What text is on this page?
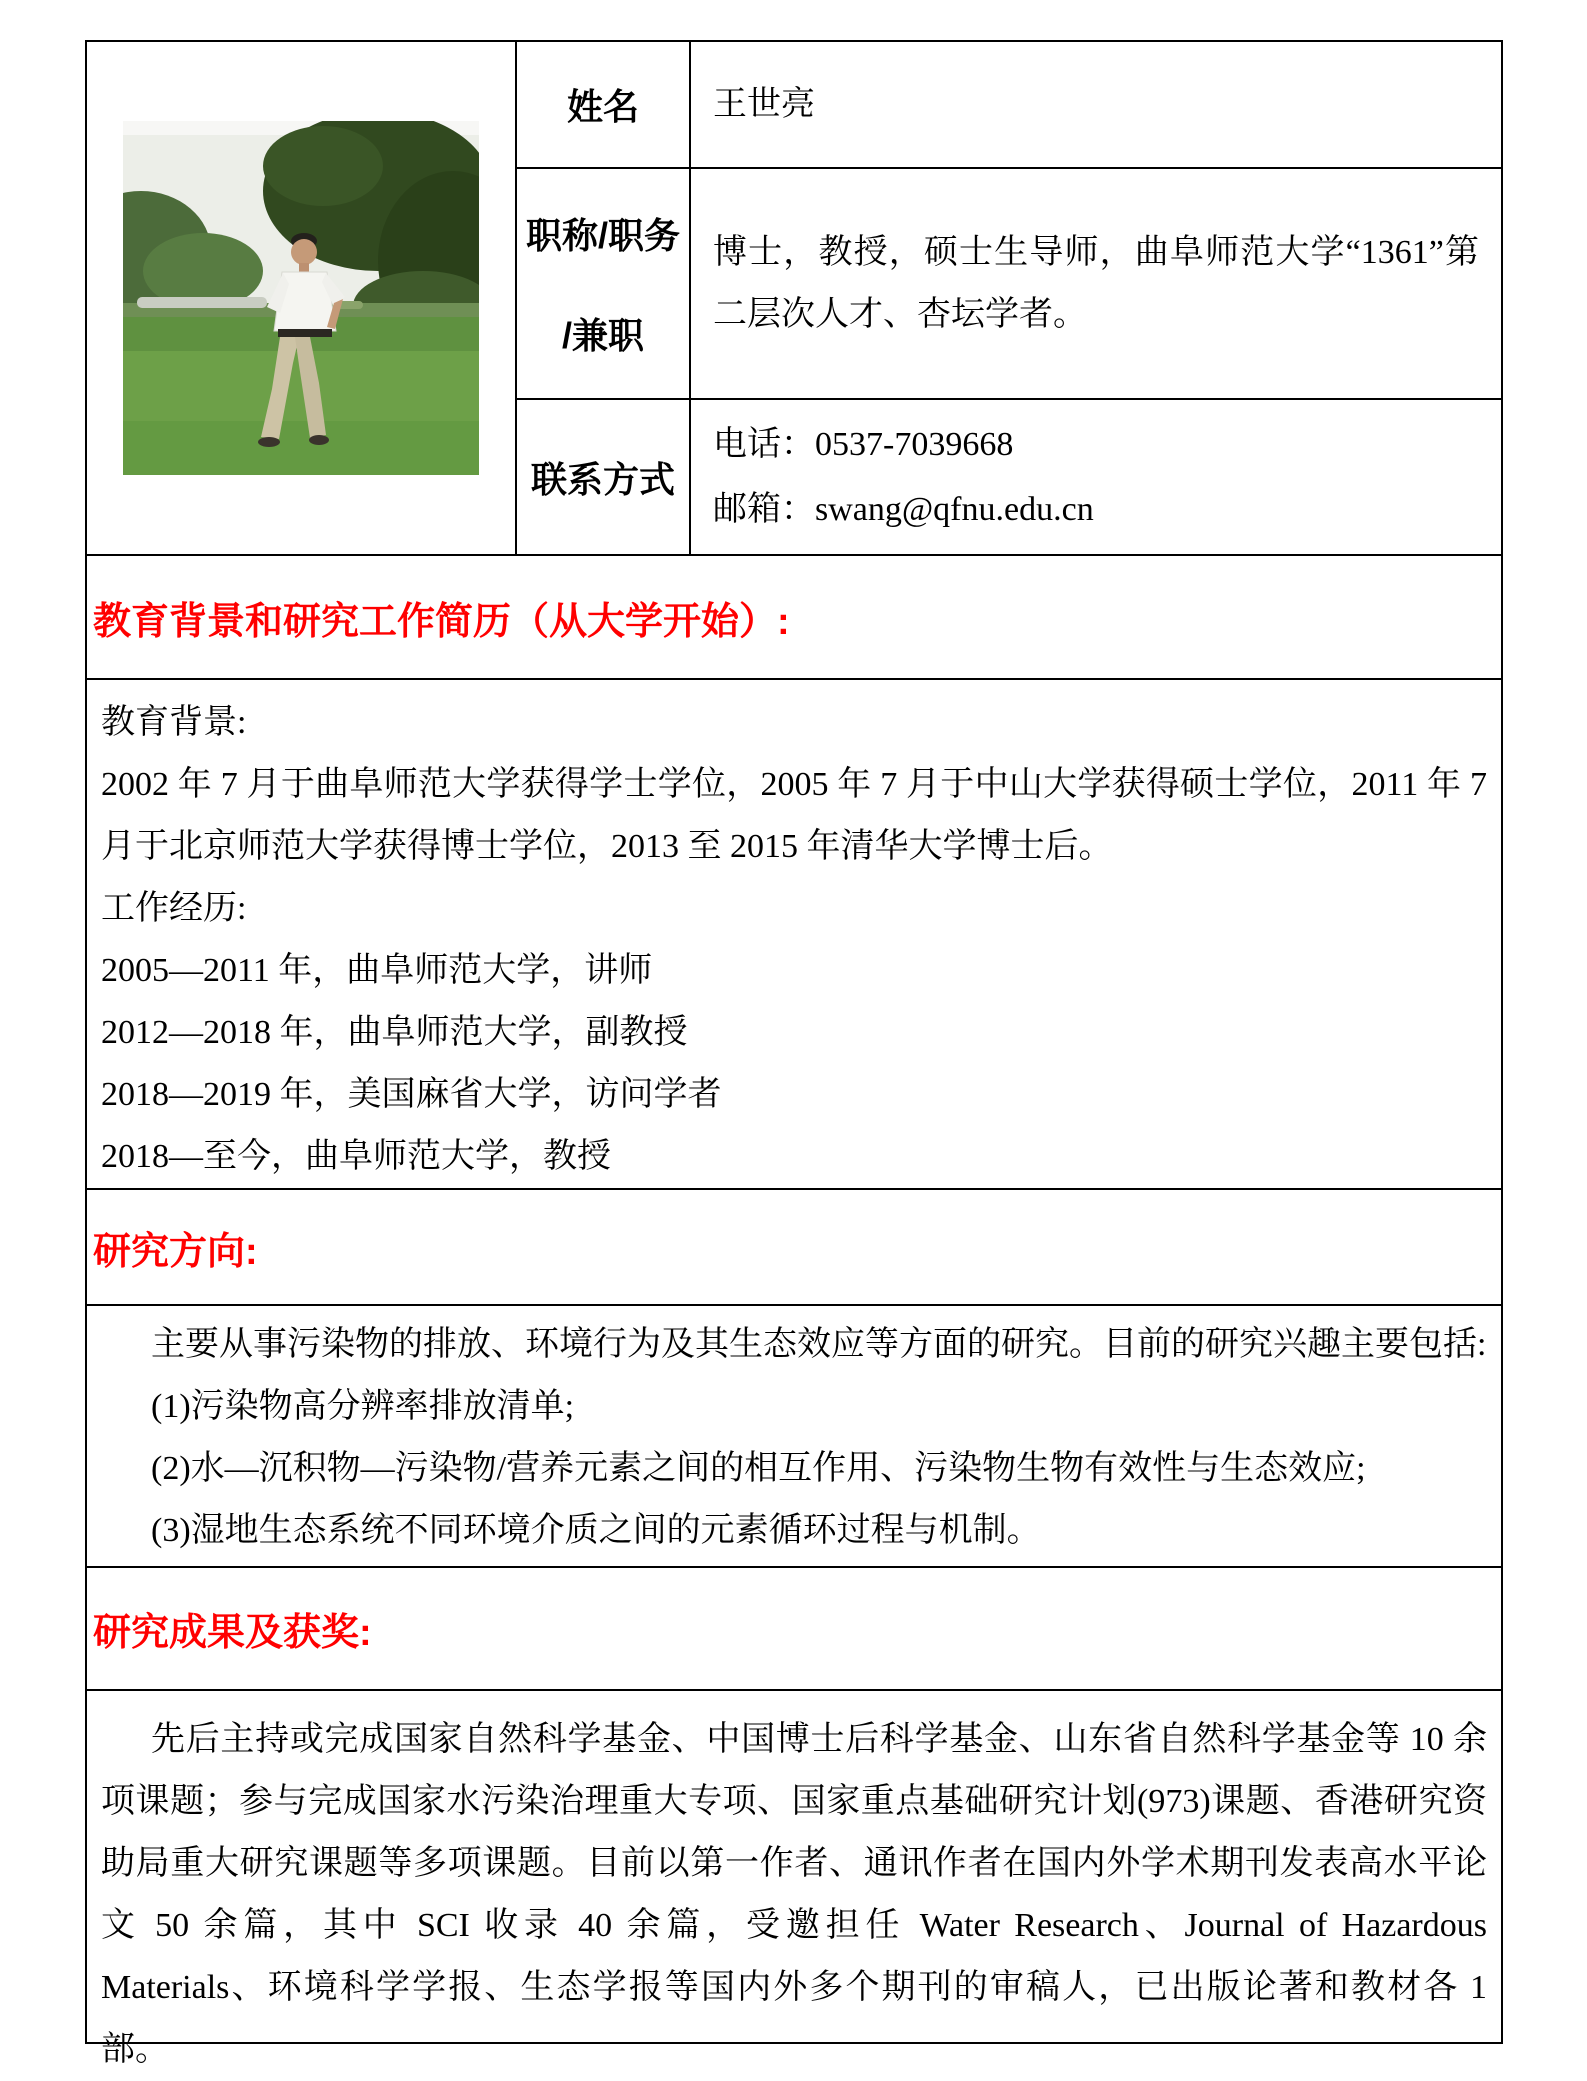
姓名 王世亮
职称/职务
/兼职
博士，教授，硕士生导师，曲阜师范大学“1361”第二层次人才、杏坛学者。
联系方式
电话：0537-7039668
邮箱：swang@qfnu.edu.cn
教育背景和研究工作简历（从大学开始）:

教育背景:

2002 年 7 月于曲阜师范大学获得学士学位，2005 年 7 月于中山大学获得硕士学位，2011 年 7 月于北京师范大学获得博士学位，2013 至 2015 年清华大学博士后。

工作经历:

2005—2011 年，曲阜师范大学，讲师

2012—2018 年，曲阜师范大学，副教授

2018—2019 年，美国麻省大学，访问学者

2018—至今，曲阜师范大学，教授

研究方向:

主要从事污染物的排放、环境行为及其生态效应等方面的研究。目前的研究兴趣主要包括:

(1)污染物高分辨率排放清单;

(2)水—沉积物—污染物/营养元素之间的相互作用、污染物生物有效性与生态效应;

(3)湿地生态系统不同环境介质之间的元素循环过程与机制。

研究成果及获奖:

先后主持或完成国家自然科学基金、中国博士后科学基金、山东省自然科学基金等 10 余项课题；参与完成国家水污染治理重大专项、国家重点基础研究计划(973)课题、香港研究资助局重大研究课题等多项课题。目前以第一作者、通讯作者在国内外学术期刊发表高水平论文 50 余篇，其中 SCI 收录 40 余篇，受邀担任 Water Research、Journal of Hazardous Materials、环境科学学报、生态学报等国内外多个期刊的审稿人，已出版论著和教材各 1 部。
